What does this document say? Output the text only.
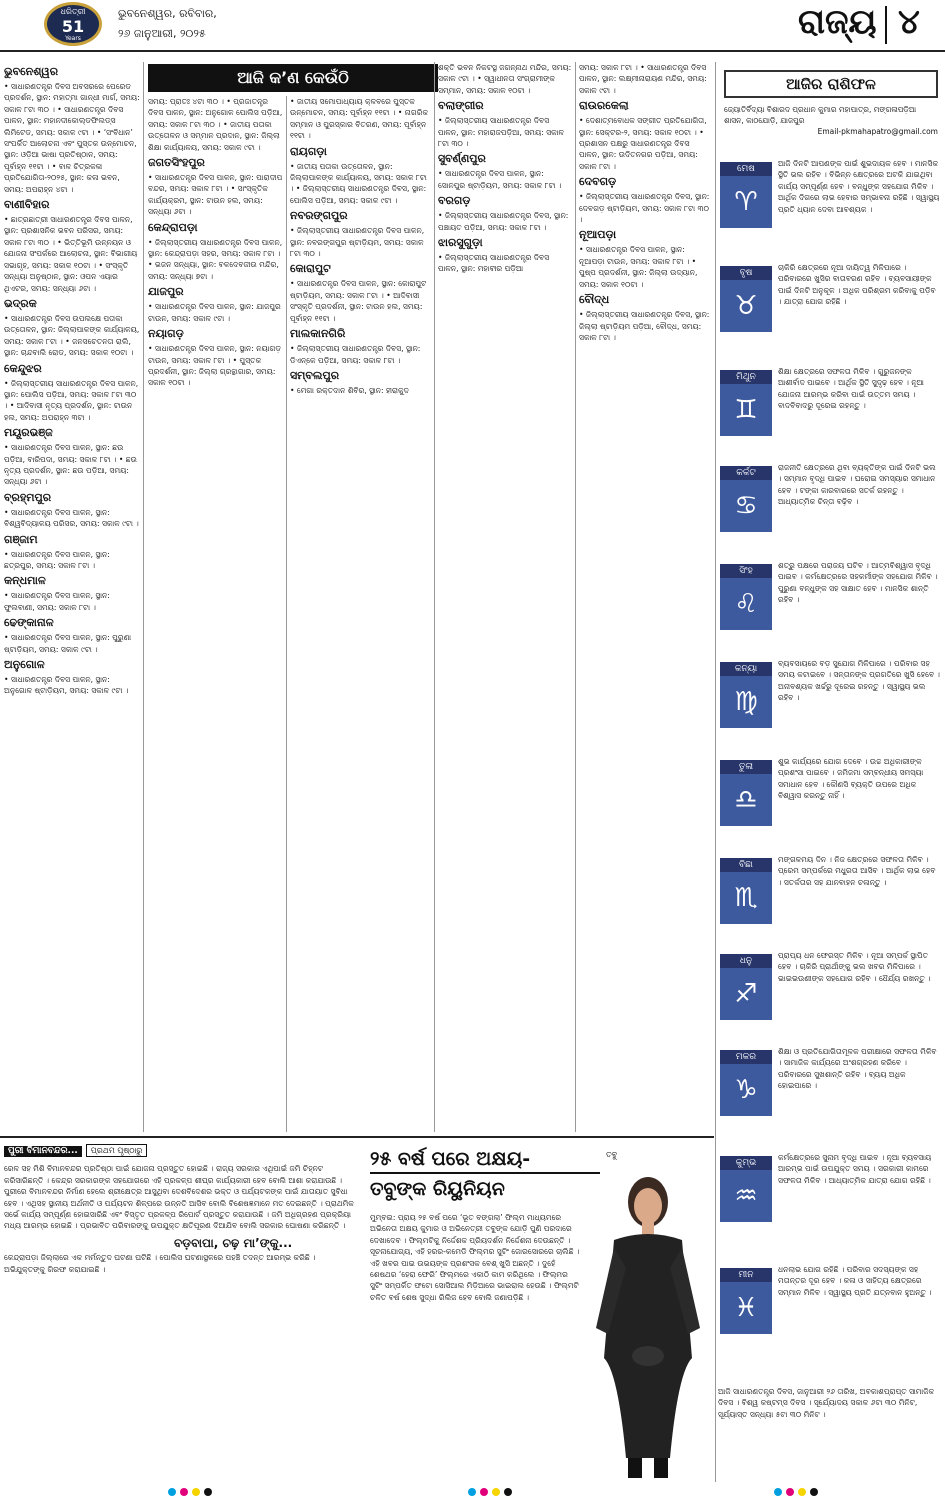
ଧରିତ୍ରୀ
51
Years
ଭୁବନେଶ୍ୱର, ରବିବାର,
୨୬ ଜାନୁଆରୀ, ୨୦୨୫	ରାଜ୍ୟ ୪
ଆଜି କ’ଣ କେଉଁଠି
ଭୁବନେଶ୍ୱର

• ସାଧାରଣତନ୍ତ୍ର ଦିବସ ଅବସରରେ ପେରେଡ ପ୍ରଦର୍ଶନ, ସ୍ଥାନ: ମହାତ୍ମା ଗାନ୍ଧୀ ମାର୍ଗ, ସମୟ: ସକାଳ ୮ଟା ୩୦ । • ସାଧାରଣତନ୍ତ୍ର ଦିବସ ପାଳନ, ସ୍ଥାନ: ମହାନଦୀକୋଲ୍ଡଫିଲଡ୍ସ ଲିମିଟେଡ, ସମୟ: ସକାଳ ୯ଟା । • ‘ସଂବିଧାନ’ ସଂପର୍କିତ ଆଲୋଚନା ଏବଂ ପୁସ୍ତକ ଉନ୍ମୋଚନ, ସ୍ଥାନ: ଓଡ଼ିଆ ଭାଷା ପ୍ରତିଷ୍ଠାନ, ସମୟ: ପୂର୍ବାହ୍ନ ୧୧ଟା । • ବାଳ ଚିତ୍ରକଳା ପ୍ରତିଯୋଗିତା-୨୦୨୫, ସ୍ଥାନ: କଳା ଭବନ, ସମୟ: ଅପରାହ୍ନ ୪ଟା ।

ବାଣୀବିହାର

• ଛାତ୍ରଛାତ୍ରୀ ସାଧାରଣତନ୍ତ୍ର ଦିବସ ପାଳନ, ସ୍ଥାନ: ପ୍ରଶାସନିକ ଭବନ ପରିସର, ସମୟ: ସକାଳ ୮ଟା ୩୦ । • ଭିତ୍ତିଭୂମି ଉନ୍ନୟନ ଓ ଯୋଜନା ସଂପର୍କରେ ଆଲୋଚନା, ସ୍ଥାନ: ବିଭାଗୀୟ ସଭାଗୃହ, ସମୟ: ସକାଳ ୧୦ଟା । • ସଂସ୍କୃତି ସନ୍ଧ୍ୟା ଅନୁଷ୍ଠାନ, ସ୍ଥାନ: ଓପନ ଏୟାର ଥିଏଟର, ସମୟ: ସନ୍ଧ୍ୟା ୬ଟା ।

ଭଦ୍ରକ

• ସାଧାରଣତନ୍ତ୍ର ଦିବସ ଉପଲକ୍ଷେ ପତାକା ଉତ୍ତୋଳନ, ସ୍ଥାନ: ଜିଲ୍ଲାପାଳଙ୍କ କାର୍ଯ୍ୟାଳୟ, ସମୟ: ସକାଳ ୮ଟା । • ଜନସଚେତନତା ରାଲି, ସ୍ଥାନ: ଚାନ୍ଦବାଲି ରୋଡ, ସମୟ: ସକାଳ ୧୦ଟା ।

କେନ୍ଦୁଝର

• ଜିଲ୍ଲାସ୍ତରୀୟ ସାଧାରଣତନ୍ତ୍ର ଦିବସ ପାଳନ, ସ୍ଥାନ: ପୋଲିସ ପଡ଼ିଆ, ସମୟ: ସକାଳ ୮ଟା ୩୦ । • ଆଦିବାସୀ ନୃତ୍ୟ ପ୍ରଦର୍ଶନ, ସ୍ଥାନ: ଟାଉନ ହଲ, ସମୟ: ଅପରାହ୍ନ ୩ଟା ।

ମୟୂରଭଞ୍ଜ

• ସାଧାରଣତନ୍ତ୍ର ଦିବସ ପାଳନ, ସ୍ଥାନ: ଛଉ ପଡ଼ିଆ, ବାରିପଦା, ସମୟ: ସକାଳ ୮ଟା । • ଛଉ ନୃତ୍ୟ ପ୍ରଦର୍ଶନ, ସ୍ଥାନ: ଛଉ ପଡ଼ିଆ, ସମୟ: ସନ୍ଧ୍ୟା ୬ଟା ।

ବ୍ରହ୍ମପୁର

• ସାଧାରଣତନ୍ତ୍ର ଦିବସ ପାଳନ, ସ୍ଥାନ: ବିଶ୍ୱବିଦ୍ୟାଳୟ ପରିସର, ସମୟ: ସକାଳ ୯ଟା ।

ଗଞ୍ଜାମ

• ସାଧାରଣତନ୍ତ୍ର ଦିବସ ପାଳନ, ସ୍ଥାନ: ଛତ୍ରପୁର, ସମୟ: ସକାଳ ୮ଟା ।

କନ୍ଧମାଳ

• ସାଧାରଣତନ୍ତ୍ର ଦିବସ ପାଳନ, ସ୍ଥାନ: ଫୁଲବାଣୀ, ସମୟ: ସକାଳ ୮ଟା ।

ଢେଙ୍କାନାଳ

• ସାଧାରଣତନ୍ତ୍ର ଦିବସ ପାଳନ, ସ୍ଥାନ: ପୁରୁଣା ଷ୍ଟାଡ଼ିୟମ, ସମୟ: ସକାଳ ୯ଟା ।

ଅନୁଗୋଳ

• ସାଧାରଣତନ୍ତ୍ର ଦିବସ ପାଳନ, ସ୍ଥାନ: ଅନୁଗୋଳ ଷ୍ଟାଡ଼ିୟମ, ସମୟ: ସକାଳ ୯ଟା ।

ସମୟ: ପ୍ରାତଃ ୪ଟା ୩୦ । • ପ୍ରଜାତନ୍ତ୍ର ଦିବସ ପାଳନ, ସ୍ଥାନ: ଅନୁଗୋଳ ପୋଲିସ ପଡ଼ିଆ, ସମୟ: ସକାଳ ୮ଟା ୩୦ । • ଜାତୀୟ ପତାକା ଉତ୍ତୋଳନ ଓ ସମ୍ମାନ ପ୍ରଦାନ, ସ୍ଥାନ: ଜିଲ୍ଲା ଶିକ୍ଷା କାର୍ଯ୍ୟାଳୟ, ସମୟ: ସକାଳ ୯ଟା ।

ଜଗତସିଂହପୁର

• ସାଧାରଣତନ୍ତ୍ର ଦିବସ ପାଳନ, ସ୍ଥାନ: ପାରାଦୀପ ବନ୍ଦର, ସମୟ: ସକାଳ ୮ଟା । • ସାଂସ୍କୃତିକ କାର୍ଯ୍ୟକ୍ରମ, ସ୍ଥାନ: ଟାଉନ ହଲ, ସମୟ: ସନ୍ଧ୍ୟା ୬ଟା ।

କେନ୍ଦ୍ରାପଡ଼ା

• ଜିଲ୍ଲାସ୍ତରୀୟ ସାଧାରଣତନ୍ତ୍ର ଦିବସ ପାଳନ, ସ୍ଥାନ: କେନ୍ଦ୍ରାପଡ଼ା ସହର, ସମୟ: ସକାଳ ୮ଟା । • ଭଜନ ସନ୍ଧ୍ୟା, ସ୍ଥାନ: ବଳଦେବଜୀଉ ମନ୍ଦିର, ସମୟ: ସନ୍ଧ୍ୟା ୭ଟା ।

ଯାଜପୁର

• ସାଧାରଣତନ୍ତ୍ର ଦିବସ ପାଳନ, ସ୍ଥାନ: ଯାଜପୁର ଟାଉନ, ସମୟ: ସକାଳ ୯ଟା ।

ନୟାଗଡ଼

• ସାଧାରଣତନ୍ତ୍ର ଦିବସ ପାଳନ, ସ୍ଥାନ: ନୟାଗଡ଼ ଟାଉନ, ସମୟ: ସକାଳ ୮ଟା । • ପୁସ୍ତକ ପ୍ରଦର୍ଶନୀ, ସ୍ଥାନ: ଜିଲ୍ଲା ଗ୍ରନ୍ଥାଗାର, ସମୟ: ସକାଳ ୧୦ଟା ।

• ଜାତୀୟ ସମୋପାଧ୍ୟାୟ କ୍ଳବରେ ପୁସ୍ତକ ଉନ୍ମୋଚନ, ସମୟ: ପୂର୍ବାହ୍ନ ୧୧ଟା । • ନାଗରିକ ସମ୍ମାନ ଓ ପୁରସ୍କାର ବିତରଣ, ସମୟ: ପୂର୍ବାହ୍ନ ୧୧ଟା ।

ରାୟଗଡ଼ା

• ଜାତୀୟ ପତାକା ଉତ୍ତୋଳନ, ସ୍ଥାନ: ଜିଲ୍ଲାପାଳଙ୍କ କାର୍ଯ୍ୟାଳୟ, ସମୟ: ସକାଳ ୮ଟା । • ଜିଲ୍ଲାସ୍ତରୀୟ ସାଧାରଣତନ୍ତ୍ର ଦିବସ, ସ୍ଥାନ: ପୋଲିସ ପଡ଼ିଆ, ସମୟ: ସକାଳ ୯ଟା ।

ନବରଙ୍ଗପୁର

• ଜିଲ୍ଲାସ୍ତରୀୟ ସାଧାରଣତନ୍ତ୍ର ଦିବସ ପାଳନ, ସ୍ଥାନ: ନବରଙ୍ଗପୁର ଷ୍ଟାଡ଼ିୟମ, ସମୟ: ସକାଳ ୮ଟା ୩୦ ।

କୋରାପୁଟ

• ସାଧାରଣତନ୍ତ୍ର ଦିବସ ପାଳନ, ସ୍ଥାନ: କୋରାପୁଟ ଷ୍ଟାଡ଼ିୟମ, ସମୟ: ସକାଳ ୮ଟା । • ଆଦିବାସୀ ସଂସ୍କୃତି ପ୍ରଦର୍ଶନୀ, ସ୍ଥାନ: ଟାଉନ ହଲ, ସମୟ: ପୂର୍ବାହ୍ନ ୧୧ଟା ।

ମାଲକାନଗିରି

• ଜିଲ୍ଲାସ୍ତରୀୟ ସାଧାରଣତନ୍ତ୍ର ଦିବସ, ସ୍ଥାନ: ଡିଏନ୍‌କେ ପଡ଼ିଆ, ସମୟ: ସକାଳ ୮ଟା ।

ସମ୍ବଲପୁର

• ମେଗା ରକ୍ତଦାନ ଶିବିର, ସ୍ଥାନ: ହୀରାକୁଦ

ଶକ୍ତି ଭବନ ନିକଟସ୍ଥ ଜଗନ୍ନାଥ ମନ୍ଦିର, ସମୟ: ସକାଳ ୯ଟା । • ସ୍ୱାଧୀନତା ସଂଗ୍ରାମୀଙ୍କ ସମ୍ମାନ, ସମୟ: ସକାଳ ୧୦ଟା ।

ବଲାଙ୍ଗୀର

• ଜିଲ୍ଲାସ୍ତରୀୟ ସାଧାରଣତନ୍ତ୍ର ଦିବସ ପାଳନ, ସ୍ଥାନ: ମହାରାଜପଡ଼ିଆ, ସମୟ: ସକାଳ ୮ଟା ୩୦ ।

ସୁବର୍ଣ୍ଣପୁର

• ସାଧାରଣତନ୍ତ୍ର ଦିବସ ପାଳନ, ସ୍ଥାନ: ସୋନପୁର ଷ୍ଟାଡ଼ିୟମ, ସମୟ: ସକାଳ ୮ଟା ।

ବରଗଡ଼

• ଜିଲ୍ଲାସ୍ତରୀୟ ସାଧାରଣତନ୍ତ୍ର ଦିବସ, ସ୍ଥାନ: ପଞ୍ଚାୟତ ପଡ଼ିଆ, ସମୟ: ସକାଳ ୮ଟା ।

ଝାରସୁଗୁଡ଼ା

• ଜିଲ୍ଲାସ୍ତରୀୟ ସାଧାରଣତନ୍ତ୍ର ଦିବସ ପାଳନ, ସ୍ଥାନ: ମହାବୀର ପଡ଼ିଆ

ସମୟ: ସକାଳ ୮ଟା । • ସାଧାରଣତନ୍ତ୍ର ଦିବସ ପାଳନ, ସ୍ଥାନ: ଲକ୍ଷ୍ମୀନାରାୟଣ ମନ୍ଦିର, ସମୟ: ସକାଳ ୯ଟା ।

ରାଉରକେଲା

• ଦେଶାତ୍ମବୋଧକ ସଙ୍ଗୀତ ପ୍ରତିଯୋଗିତା, ସ୍ଥାନ: ସେକ୍ଟର-୨, ସମୟ: ସକାଳ ୧୦ଟା । • ପ୍ରଶାସନ ପକ୍ଷରୁ ସାଧାରଣତନ୍ତ୍ର ଦିବସ ପାଳନ, ସ୍ଥାନ: ଉଦିତନଗର ପଡ଼ିଆ, ସମୟ: ସକାଳ ୮ଟା ।

ଦେବଗଡ଼

• ଜିଲ୍ଲାସ୍ତରୀୟ ସାଧାରଣତନ୍ତ୍ର ଦିବସ, ସ୍ଥାନ: ଦେବଗଡ଼ ଷ୍ଟାଡ଼ିୟମ, ସମୟ: ସକାଳ ୮ଟା ୩୦ ।

ନୂଆପଡ଼ା

• ସାଧାରଣତନ୍ତ୍ର ଦିବସ ପାଳନ, ସ୍ଥାନ: ନୂଆପଡ଼ା ଟାଉନ, ସମୟ: ସକାଳ ୮ଟା । • ପୁଷ୍ପ ପ୍ରଦର୍ଶନୀ, ସ୍ଥାନ: ଜିଲ୍ଲା ଉଦ୍ୟାନ, ସମୟ: ସକାଳ ୧୦ଟା ।

ବୌଦ୍ଧ

• ଜିଲ୍ଲାସ୍ତରୀୟ ସାଧାରଣତନ୍ତ୍ର ଦିବସ, ସ୍ଥାନ: ଜିଲ୍ଲା ଷ୍ଟାଡ଼ିୟମ ପଡ଼ିଆ, ବୌଦ୍ଧ, ସମୟ: ସକାଳ ୮ଟା ।

ଆଜିର ରାଶିଫଳ
ଜ୍ୟୋତିର୍ବିଦ୍ୟା ବିଶାରଦ ପ୍ରଧାନ କୁମାର ମହାପାତ୍ର, ମଙ୍ଗଳାପଡ଼ିଆ ଶାସନ, କାଠଯୋଡ଼ି, ଯାଜପୁର
Email-pkmahapatro@gmail.com
ମେଷ
♈
ଆଜି ଦିନଟି ଆପଣଙ୍କ ପାଇଁ ଶୁଭଦାୟକ ହେବ । ମାନସିକ ସ୍ଥିତି ଭଲ ରହିବ । ବିଭିନ୍ନ କ୍ଷେତ୍ରରେ ଅଟକି ଯାଇଥିବା କାର୍ଯ୍ୟ ସମ୍ପୂର୍ଣ୍ଣ ହେବ । ବନ୍ଧୁଙ୍କ ସହଯୋଗ ମିଳିବ । ଆର୍ଥିକ ଦିଗରେ ଲାଭ ହେବାର ସମ୍ଭାବନା ରହିଛି । ସ୍ୱାସ୍ଥ୍ୟ ପ୍ରତି ଧ୍ୟାନ ଦେବା ଆବଶ୍ୟକ ।
ବୃଷ
♉
ଚାକିରି କ୍ଷେତ୍ରରେ ନୂଆ ଦାୟିତ୍ୱ ମିଳିପାରେ । ପରିବାରରେ ଖୁସିର ବାତାବରଣ ରହିବ । ବ୍ୟବସାୟୀଙ୍କ ପାଇଁ ଦିନଟି ଅନୁକୂଳ । ଅଧିକ ପରିଶ୍ରମ କରିବାକୁ ପଡ଼ିବ । ଯାତ୍ରା ଯୋଗ ରହିଛି ।
ମିଥୁନ
♊
ଶିକ୍ଷା କ୍ଷେତ୍ରରେ ସଫଳତା ମିଳିବ । ଗୁରୁଜନଙ୍କ ଆଶୀର୍ବାଦ ପାଇବେ । ଆର୍ଥିକ ସ୍ଥିତି ସୁଦୃଢ଼ ହେବ । ନୂଆ ଯୋଜନା ଆରମ୍ଭ କରିବା ପାଇଁ ଉତ୍ତମ ସମୟ । ବାଦବିବାଦରୁ ଦୂରେଇ ରହନ୍ତୁ ।
କର୍କଟ
♋
ରାଜନୀତି କ୍ଷେତ୍ରରେ ଥିବା ବ୍ୟକ୍ତିଙ୍କ ପାଇଁ ଦିନଟି ଭଲ । ସମ୍ମାନ ବୃଦ୍ଧି ପାଇବ । ଘରୋଇ ସମସ୍ୟାର ସମାଧାନ ହେବ । ଟଙ୍କା କାରବାରରେ ସତର୍କ ରହନ୍ତୁ । ଆଧ୍ୟାତ୍ମିକ ଚିନ୍ତା ବଢ଼ିବ ।
ସିଂହ
♌
ଶତ୍ରୁ ପକ୍ଷରେ ପରାଜୟ ଘଟିବ । ଆତ୍ମବିଶ୍ୱାସ ବୃଦ୍ଧି ପାଇବ । କର୍ମକ୍ଷେତ୍ରରେ ସହକର୍ମୀଙ୍କ ସହଯୋଗ ମିଳିବ । ପୁରୁଣା ବନ୍ଧୁଙ୍କ ସହ ସାକ୍ଷାତ ହେବ । ମାନସିକ ଶାନ୍ତି ରହିବ ।
କନ୍ୟା
♍
ବ୍ୟବସାୟରେ ବଡ଼ ସୁଯୋଗ ମିଳିପାରେ । ପରିବାର ସହ ସମୟ କଟାଇବେ । ସନ୍ତାନଙ୍କ ପ୍ରଗତିରେ ଖୁସି ହେବେ । ଅନାବଶ୍ୟକ ଖର୍ଚ୍ଚରୁ ଦୂରେଇ ରହନ୍ତୁ । ସ୍ୱାସ୍ଥ୍ୟ ଭଲ ରହିବ ।
ତୁଳା
♎
ଶୁଭ କାର୍ଯ୍ୟରେ ଯୋଗ ଦେବେ । ଉଚ୍ଚ ଅଧିକାରୀଙ୍କ ପ୍ରଶଂସା ପାଇବେ । ଜମିଜମା ସମ୍ବନ୍ଧୀୟ ସମସ୍ୟା ସମାଧାନ ହେବ । କୌଣସି ବ୍ୟକ୍ତି ଉପରେ ଅଧିକ ବିଶ୍ୱାସ କରନ୍ତୁ ନାହିଁ ।
ବିଛା
♏
ମଙ୍ଗଳମୟ ଦିନ । ନିଜ କ୍ଷେତ୍ରରେ ସଫଳତା ମିଳିବ । ପ୍ରେମ ସମ୍ପର୍କରେ ମଧୁରତା ଆସିବ । ଆର୍ଥିକ ଲାଭ ହେବ । ସତର୍କତାର ସହ ଯାନବାହନ ଚଳାନ୍ତୁ ।
ଧନୁ
♐
ପ୍ରାପ୍ୟ ଧନ ଫେରସ୍ତ ମିଳିବ । ନୂଆ ସମ୍ପର୍କ ସ୍ଥାପିତ ହେବ । ଚାକିରି ପ୍ରାର୍ଥୀଙ୍କୁ ଭଲ ଖବର ମିଳିପାରେ । ଭାଇଭଉଣୀଙ୍କ ସହଯୋଗ ରହିବ । ଧୈର୍ଯ୍ୟ ରଖନ୍ତୁ ।
ମକର
♑
ଶିକ୍ଷା ଓ ପ୍ରତିଯୋଗିତାମୂଳକ ପରୀକ୍ଷାରେ ସଫଳତା ମିଳିବ । ସାମାଜିକ କାର୍ଯ୍ୟରେ ଅଂଶଗ୍ରହଣ କରିବେ । ପରିବାରରେ ସୁଖଶାନ୍ତି ରହିବ । ବ୍ୟୟ ଅଧିକ ହୋଇପାରେ ।
କୁମ୍ଭ
♒
କର୍ମକ୍ଷେତ୍ରରେ ସୁନାମ ବୃଦ୍ଧି ପାଇବ । ନୂଆ ବ୍ୟବସାୟ ଆରମ୍ଭ ପାଇଁ ଉପଯୁକ୍ତ ସମୟ । ସରକାରୀ କାମରେ ସଫଳତା ମିଳିବ । ଆଧ୍ୟାତ୍ମିକ ଯାତ୍ରା ଯୋଗ ରହିଛି ।
ମୀନ
♓
ଧନଲାଭ ଯୋଗ ରହିଛି । ପରିବାର ସଦସ୍ୟଙ୍କ ସହ ମତାନ୍ତର ଦୂର ହେବ । କଳା ଓ ସାହିତ୍ୟ କ୍ଷେତ୍ରରେ ସମ୍ମାନ ମିଳିବ । ସ୍ୱାସ୍ଥ୍ୟ ପ୍ରତି ଯତ୍ନବାନ ହୁଅନ୍ତୁ ।
ଆଜି ସାଧାରଣତନ୍ତ୍ର ଦିବସ, ଜାନୁଆରୀ ୨୬ ତାରିଖ, ଅବକାଶପ୍ରାପ୍ତ ସାମାଜିକ ଦିବସ । ବିଶ୍ୱ କଷ୍ଟମ୍ସ ଦିବସ । ସୂର୍ଯ୍ୟୋଦୟ ସକାଳ ୬ଟା ୩୦ ମିନିଟ, ସୂର୍ଯ୍ୟାସ୍ତ ସନ୍ଧ୍ୟା ୫ଟା ୩୦ ମିନିଟ ।
ପୁରୀ ବିମାନବନ୍ଦର... ପ୍ରଥମ ପୃଷ୍ଠାରୁ

ରେଳ ସହ ମିଶି ବିମାନବନ୍ଦର ପ୍ରତିଷ୍ଠା ପାଇଁ ଯୋଜନା ପ୍ରସ୍ତୁତ ହୋଇଛି । ରାଜ୍ୟ ସରକାର ଏଥିପାଇଁ ଜମି ଚିହ୍ନଟ କରିସାରିଛନ୍ତି । କେନ୍ଦ୍ର ସରକାରଙ୍କ ସହଯୋଗରେ ଏହି ପ୍ରକଳ୍ପ ଶୀଘ୍ର କାର୍ଯ୍ୟକାରୀ ହେବ ବୋଲି ଆଶା କରାଯାଉଛି । ପୁରୀରେ ବିମାନବନ୍ଦର ନିର୍ମାଣ ହେଲେ ଶ୍ରୀକ୍ଷେତ୍ର ଆସୁଥିବା ଦେଶବିଦେଶର ଭକ୍ତ ଓ ପର୍ଯ୍ୟଟକଙ୍କ ପାଇଁ ଯାତାୟାତ ସୁବିଧା ହେବ । ଏଥିସହ ସ୍ଥାନୀୟ ଅର୍ଥନୀତି ଓ ପର୍ଯ୍ୟଟନ ଶିଳ୍ପରେ ଉନ୍ନତି ଆସିବ ବୋଲି ବିଶେଷଜ୍ଞମାନେ ମତ ଦେଇଛନ୍ତି । ପ୍ରାଥମିକ ସର୍ଭେ କାର୍ଯ୍ୟ ସମ୍ପୂର୍ଣ୍ଣ ହୋଇସାରିଛି ଏବଂ ବିସ୍ତୃତ ପ୍ରକଳ୍ପ ରିପୋର୍ଟ ପ୍ରସ୍ତୁତ କରାଯାଉଛି । ଜମି ଅଧିଗ୍ରହଣ ପ୍ରକ୍ରିୟା ମଧ୍ୟ ଆରମ୍ଭ ହୋଇଛି । ପ୍ରଭାବିତ ପରିବାରଙ୍କୁ ଉପଯୁକ୍ତ କ୍ଷତିପୂରଣ ଦିଆଯିବ ବୋଲି ସରକାର ଘୋଷଣା କରିଛନ୍ତି ।

ବଡ଼ବାପା, ଚଢ଼ ମା’ଙ୍କୁ...

କେନ୍ଦ୍ରାପଡ଼ା ଜିଲ୍ଲାରେ ଏକ ମର୍ମନ୍ତୁଦ ଘଟଣା ଘଟିଛି । ପୋଲିସ ଘଟଣାସ୍ଥଳରେ ପହଞ୍ଚି ତଦନ୍ତ ଆରମ୍ଭ କରିଛି । ଅଭିଯୁକ୍ତଙ୍କୁ ଗିରଫ କରାଯାଇଛି ।

୨୫ ବର୍ଷ ପରେ ଅକ୍ଷୟ-
ତବୁଙ୍କ ରିୟୁନିୟନ
ତବୁ

ମୁମ୍ବଇ: ପ୍ରାୟ ୨୫ ବର୍ଷ ପରେ ‘ଭୂତ ବଙ୍ଗଲା’ ଫିଲ୍ମ ମାଧ୍ୟମରେ ଅଭିନେତା ଅକ୍ଷୟ କୁମାର ଓ ଅଭିନେତ୍ରୀ ତବୁଙ୍କ ଯୋଡ଼ି ପୁଣି ପରଦାରେ ଦେଖାଦେବ । ଫିଲ୍ମଟିକୁ ନିର୍ଦ୍ଦେଶକ ପ୍ରିୟଦର୍ଶନ ନିର୍ଦ୍ଦେଶନା ଦେଉଛନ୍ତି । ସୂଚନାଯୋଗ୍ୟ, ଏହି ହରର-କମେଡି ଫିଲ୍ମର ସୁଟିଂ ଜୋରସୋରରେ ଚାଲିଛି । ଏହି ଖବର ପାଇ ଉଭୟଙ୍କ ପ୍ରଶଂସକ ବେଶ୍ ଖୁସି ଅଛନ୍ତି । ଦୁହେଁ ଶେଷଥର ‘ହେରା ଫେରି’ ଫିଲ୍ମରେ ଏକାଠି କାମ କରିଥିଲେ । ଫିଲ୍ମର ସୁଟିଂ ସମ୍ପର୍କିତ ଫଟୋ ସୋସିଆଲ ମିଡ଼ିଆରେ ଭାଇରାଲ ହେଉଛି । ଫିଲ୍ମଟି ଚଳିତ ବର୍ଷ ଶେଷ ସୁଦ୍ଧା ରିଲିଜ ହେବ ବୋଲି ଜଣାପଡ଼ିଛି ।
